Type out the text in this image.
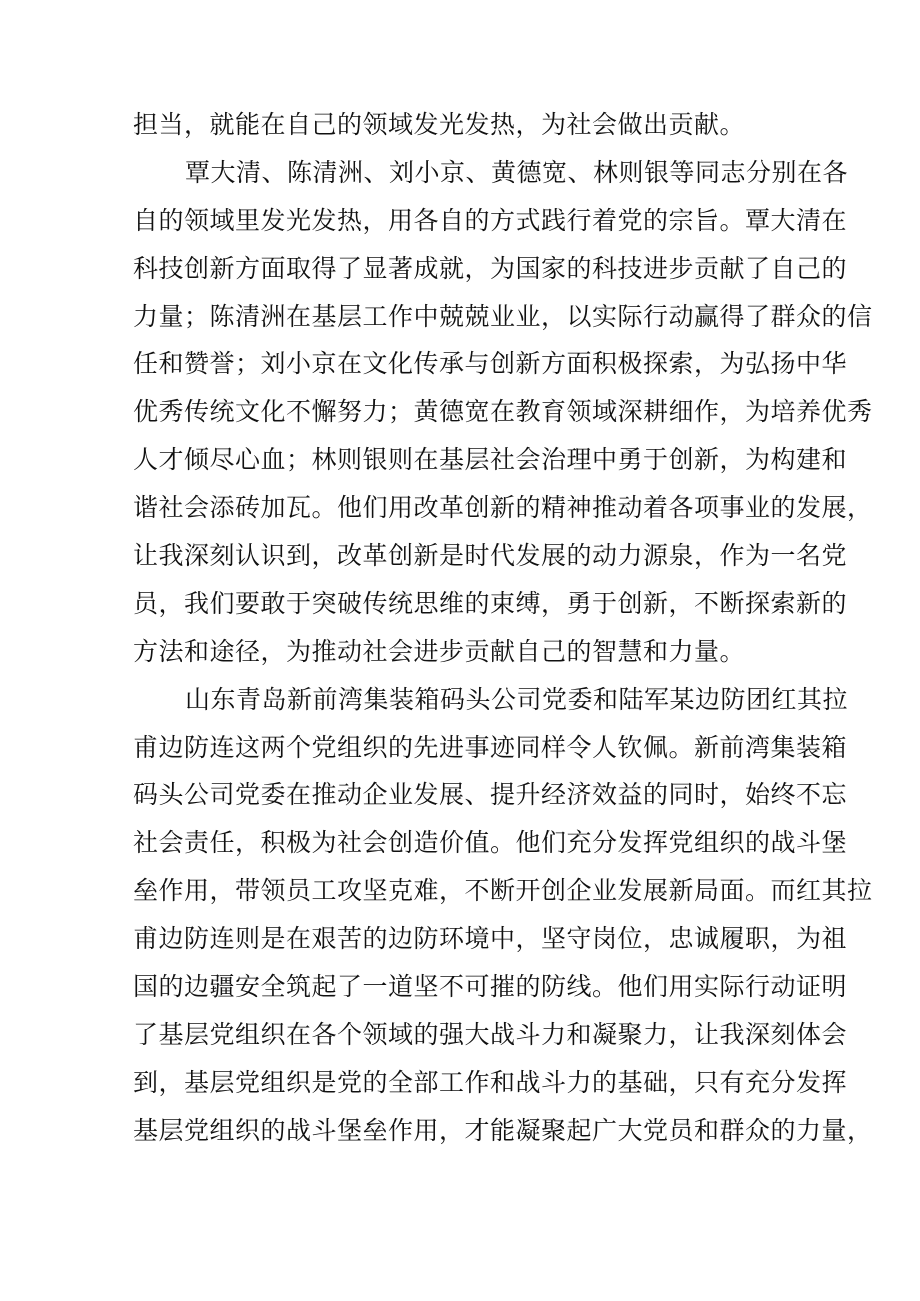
担当，就能在自己的领域发光发热，为社会做出贡献。
覃大清、陈清洲、刘小京、黄德宽、林则银等同志分别在各
自的领域里发光发热，用各自的方式践行着党的宗旨。覃大清在
科技创新方面取得了显著成就，为国家的科技进步贡献了自己的
力量；陈清洲在基层工作中兢兢业业，以实际行动赢得了群众的信
任和赞誉；刘小京在文化传承与创新方面积极探索，为弘扬中华
优秀传统文化不懈努力；黄德宽在教育领域深耕细作，为培养优秀
人才倾尽心血；林则银则在基层社会治理中勇于创新，为构建和
谐社会添砖加瓦。他们用改革创新的精神推动着各项事业的发展，
让我深刻认识到，改革创新是时代发展的动力源泉，作为一名党
员，我们要敢于突破传统思维的束缚，勇于创新，不断探索新的
方法和途径，为推动社会进步贡献自己的智慧和力量。
山东青岛新前湾集装箱码头公司党委和陆军某边防团红其拉
甫边防连这两个党组织的先进事迹同样令人钦佩。新前湾集装箱
码头公司党委在推动企业发展、提升经济效益的同时，始终不忘
社会责任，积极为社会创造价值。他们充分发挥党组织的战斗堡
垒作用，带领员工攻坚克难，不断开创企业发展新局面。而红其拉
甫边防连则是在艰苦的边防环境中，坚守岗位，忠诚履职，为祖
国的边疆安全筑起了一道坚不可摧的防线。他们用实际行动证明
了基层党组织在各个领域的强大战斗力和凝聚力，让我深刻体会
到，基层党组织是党的全部工作和战斗力的基础，只有充分发挥
基层党组织的战斗堡垒作用，才能凝聚起广大党员和群众的力量，
